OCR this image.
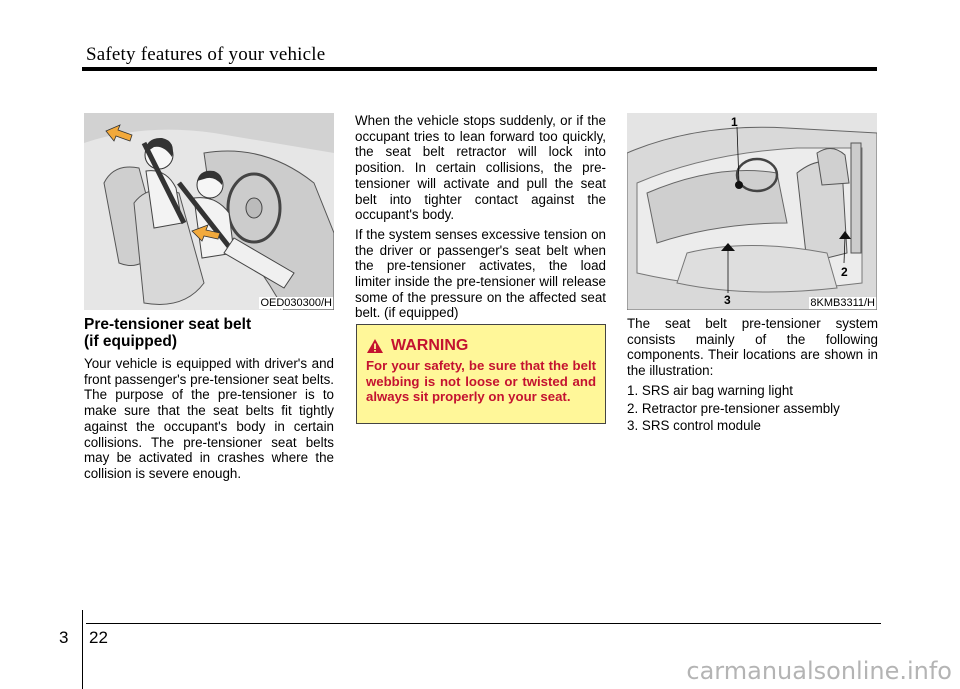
Safety features of your vehicle
OED030300/H
Pre-tensioner seat belt
(if equipped)

Your vehicle is equipped with driver's and front passenger's pre-tensioner seat belts. The purpose of the pre-tensioner is to make sure that the seat belts fit tightly against the occupant's body in certain collisions. The pre-tensioner seat belts may be activated in crashes where the collision is severe enough.

When the vehicle stops suddenly, or if the occupant tries to lean forward too quickly, the seat belt retractor will lock into position. In certain collisions, the pre-tensioner will activate and pull the seat belt into tighter contact against the occupant's body.

If the system senses excessive tension on the driver or passenger's seat belt when the pre-tensioner activates, the load limiter inside the pre-tensioner will release some of the pressure on the affected seat belt. (if equipped)

WARNING

For your safety, be sure that the belt webbing is not loose or twisted and always sit properly on your seat.

1
2
3	8KMB3311/H

The seat belt pre-tensioner system consists mainly of the following components. Their locations are shown in the illustration:

1. SRS air bag warning light
2. Retractor pre-tensioner assembly
3. SRS control module
3 22
carmanualsonline.info
